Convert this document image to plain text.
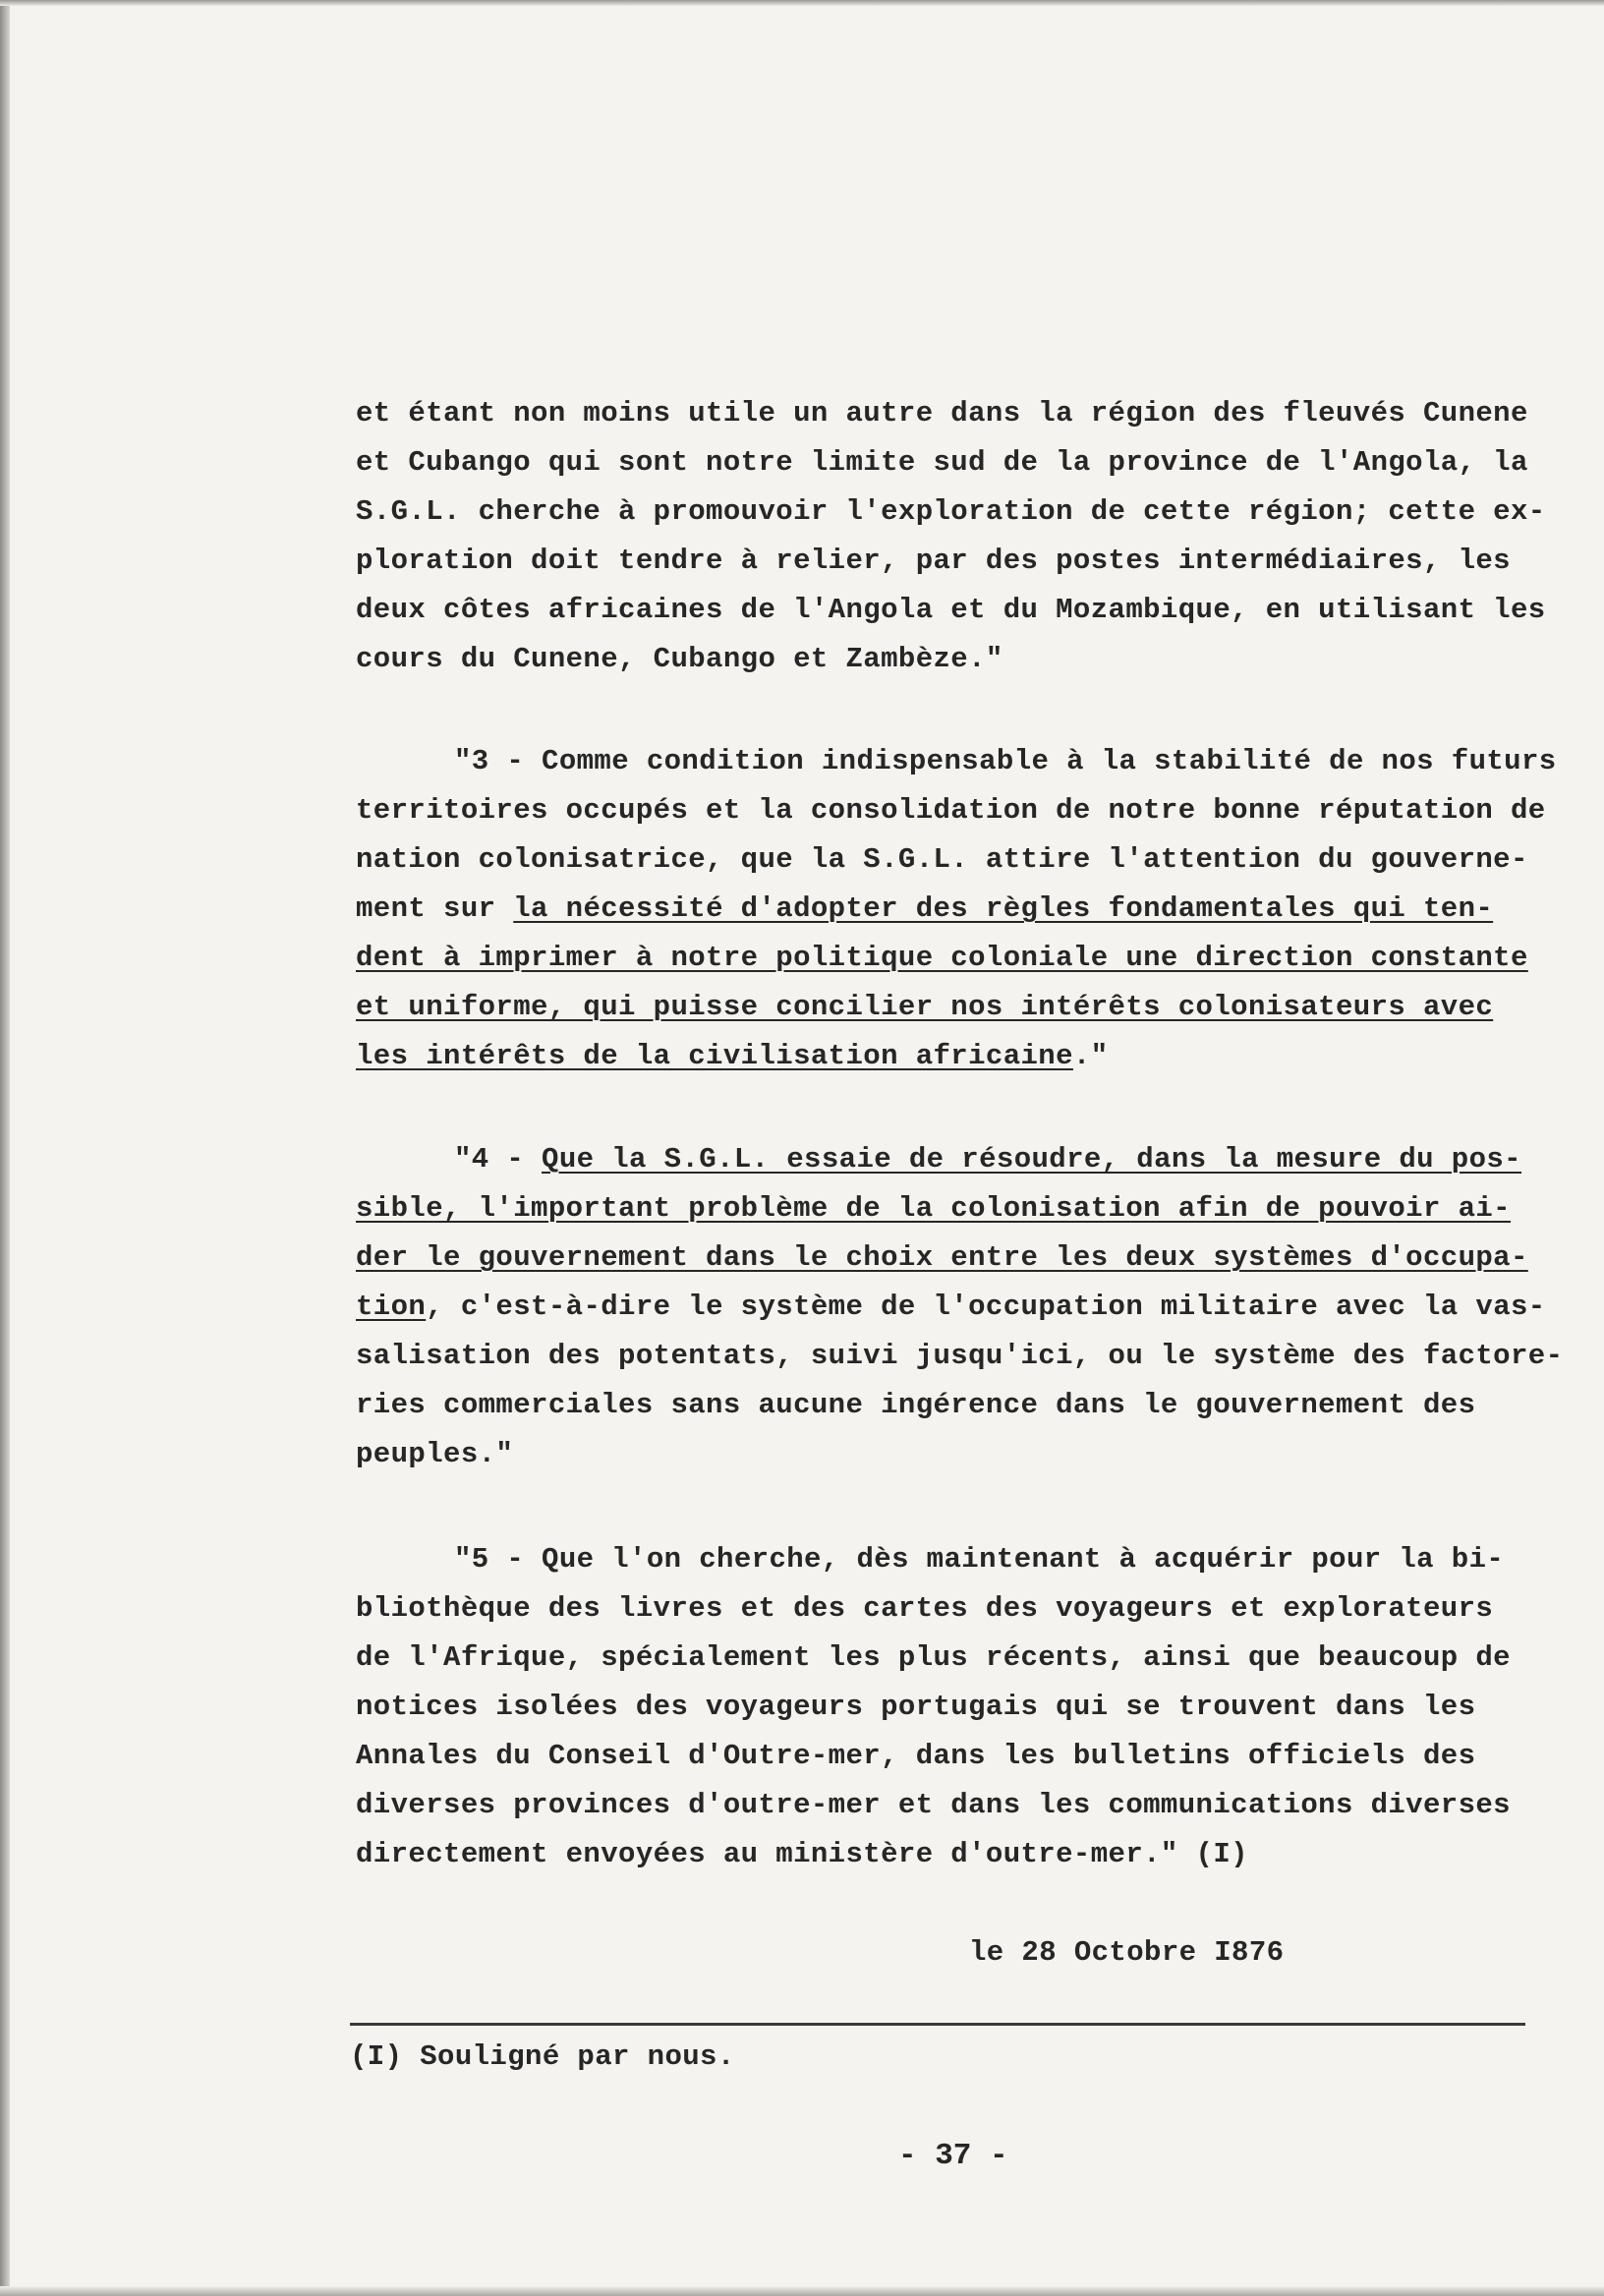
et étant non moins utile un autre dans la région des fleuvés Cunene
et Cubango qui sont notre limite sud de la province de l'Angola, la
S.G.L. cherche à promouvoir l'exploration de cette région; cette ex-
ploration doit tendre à relier, par des postes intermédiaires, les
deux côtes africaines de l'Angola et du Mozambique, en utilisant les
cours du Cunene, Cubango et Zambèze."
"3 - Comme condition indispensable à la stabilité de nos futurs
territoires occupés et la consolidation de notre bonne réputation de
nation colonisatrice, que la S.G.L. attire l'attention du gouverne-
ment sur la nécessité d'adopter des règles fondamentales qui ten-
dent à imprimer à notre politique coloniale une direction constante
et uniforme, qui puisse concilier nos intérêts colonisateurs avec
les intérêts de la civilisation africaine."
"4 - Que la S.G.L. essaie de résoudre, dans la mesure du pos-
sible, l'important problème de la colonisation afin de pouvoir ai-
der le gouvernement dans le choix entre les deux systèmes d'occupa-
tion, c'est-à-dire le système de l'occupation militaire avec la vas-
salisation des potentats, suivi jusqu'ici, ou le système des factore-
ries commerciales sans aucune ingérence dans le gouvernement des
peuples."
"5 - Que l'on cherche, dès maintenant à acquérir pour la bi-
bliothèque des livres et des cartes des voyageurs et explorateurs
de l'Afrique, spécialement les plus récents, ainsi que beaucoup de
notices isolées des voyageurs portugais qui se trouvent dans les
Annales du Conseil d'Outre-mer, dans les bulletins officiels des
diverses provinces d'outre-mer et dans les communications diverses
directement envoyées au ministère d'outre-mer." (I)
le 28 Octobre I876
(I) Souligné par nous.
- 37 -
